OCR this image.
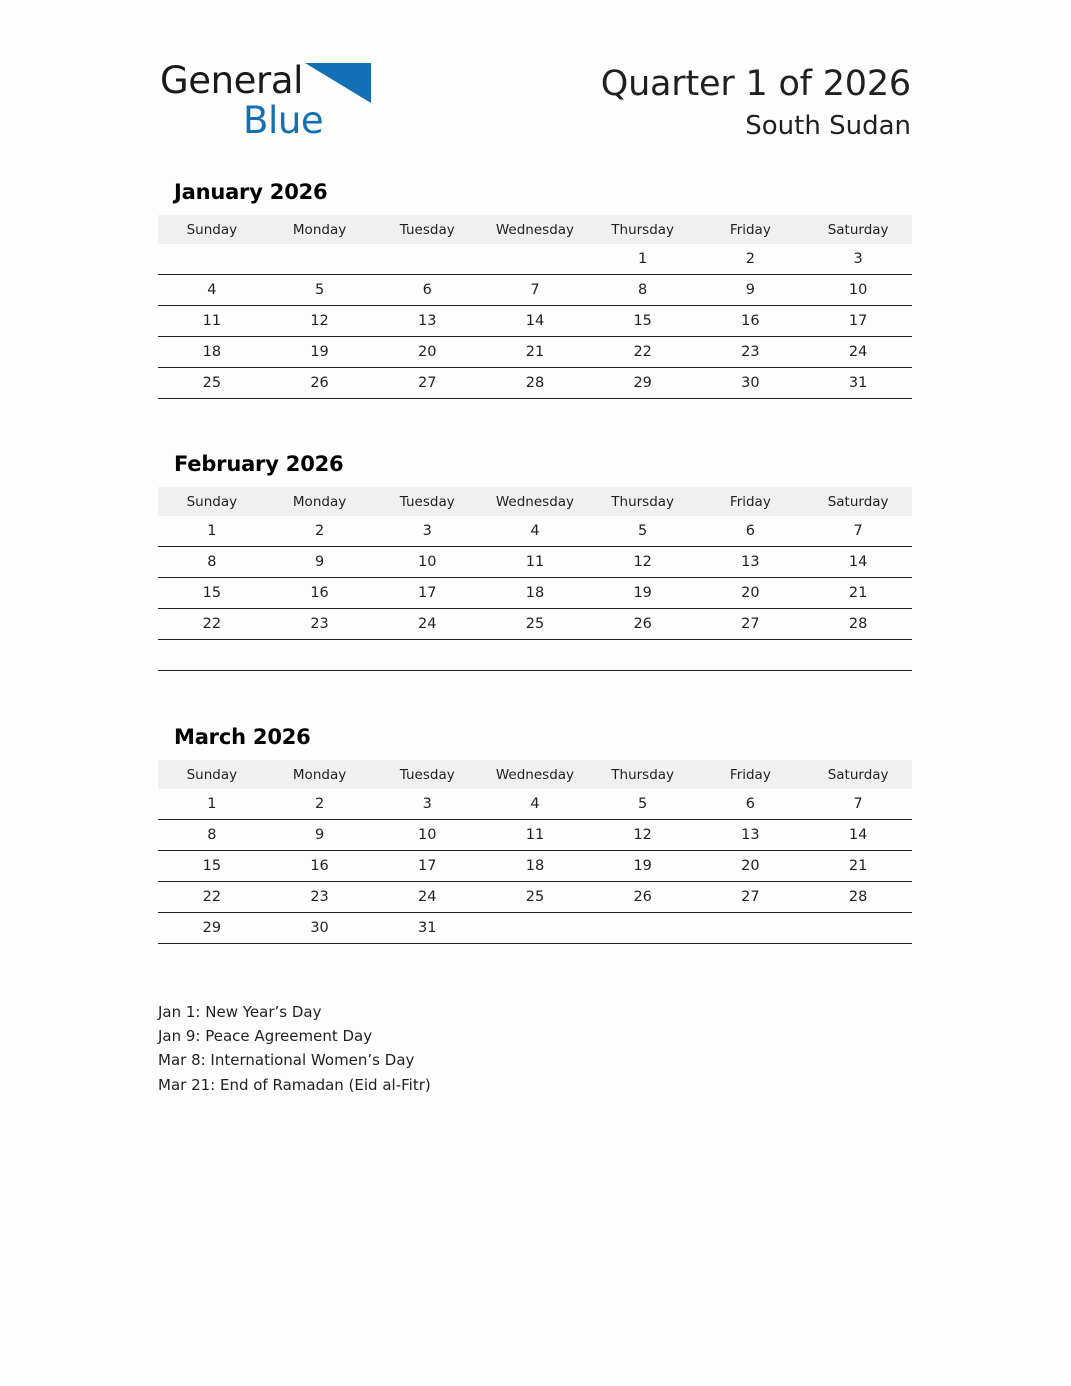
General
Blue
Quarter 1 of 2026
South Sudan
January 2026
Sunday	Monday	Tuesday	Wednesday	Thursday	Friday	Saturday
				1	2	3
4	5	6	7	8	9	10
11	12	13	14	15	16	17
18	19	20	21	22	23	24
25	26	27	28	29	30	31
February 2026
Sunday	Monday	Tuesday	Wednesday	Thursday	Friday	Saturday
1	2	3	4	5	6	7
8	9	10	11	12	13	14
15	16	17	18	19	20	21
22	23	24	25	26	27	28

March 2026
Sunday	Monday	Tuesday	Wednesday	Thursday	Friday	Saturday
1	2	3	4	5	6	7
8	9	10	11	12	13	14
15	16	17	18	19	20	21
22	23	24	25	26	27	28
29	30	31				
Jan 1: New Year’s Day
Jan 9: Peace Agreement Day
Mar 8: International Women’s Day
Mar 21: End of Ramadan (Eid al-Fitr)
